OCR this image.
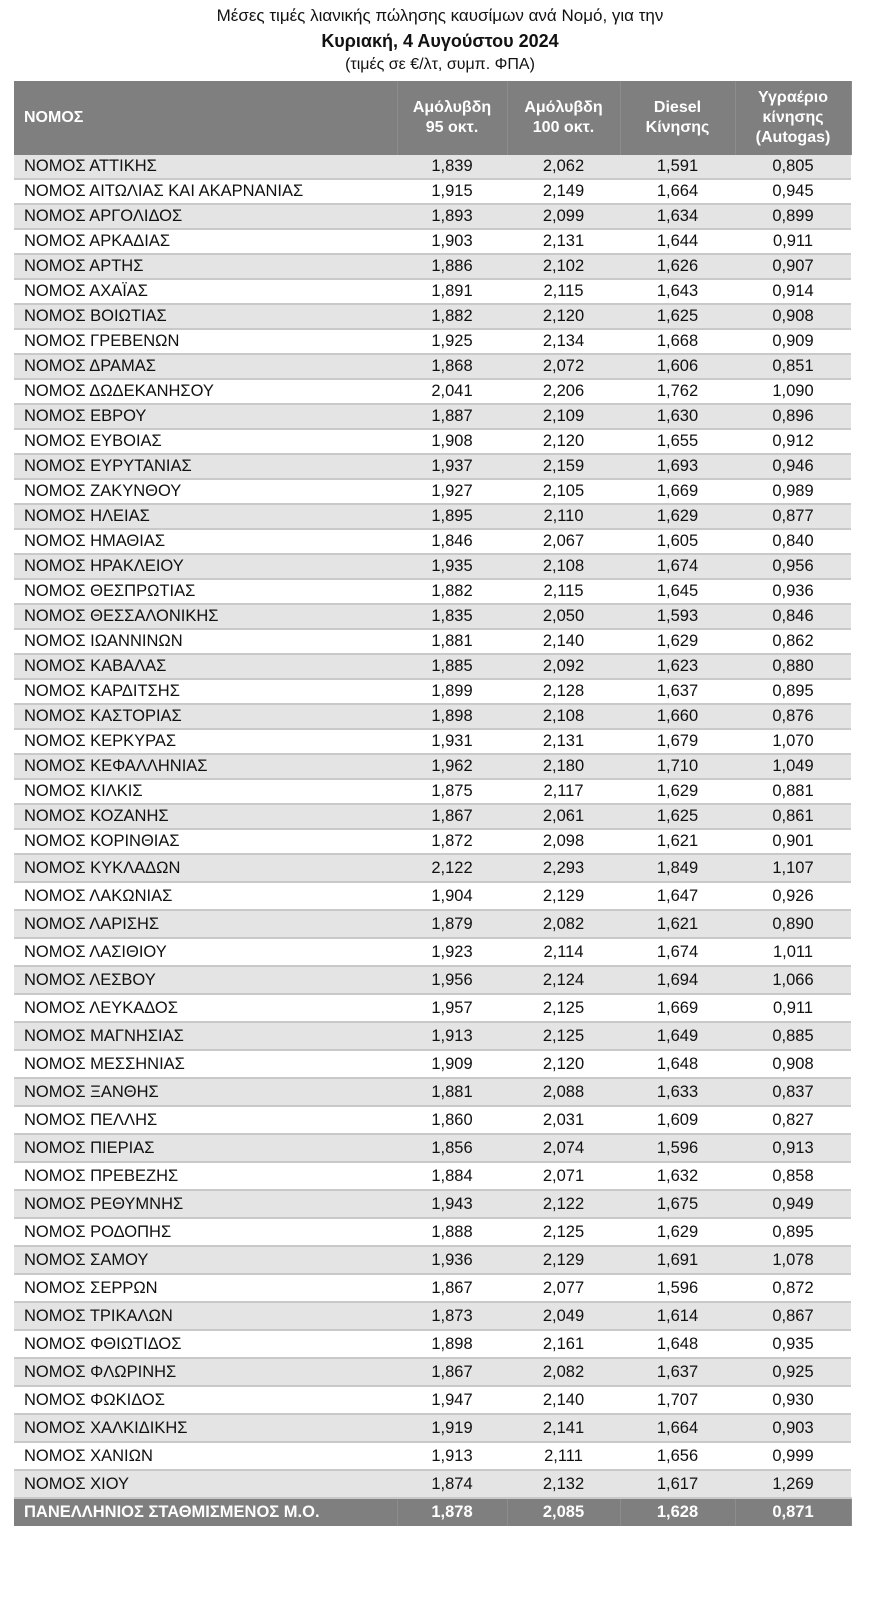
Μέσες τιμές λιανικής πώλησης καυσίμων ανά Νομό, για την
Κυριακή, 4 Αυγούστου 2024
(τιμές σε €/λτ, συμπ. ΦΠΑ)
ΝΟΜΟΣ	
Αμόλυβδη
95 οκτ.

Αμόλυβδη
100 οκτ.

Diesel
Κίνησης

Υγραέριο
κίνησης
(Autogas)

ΝΟΜΟΣ ΑΤΤΙΚΗΣ	1,839	2,062	1,591	0,805
ΝΟΜΟΣ ΑΙΤΩΛΙΑΣ ΚΑΙ ΑΚΑΡΝΑΝΙΑΣ	1,915	2,149	1,664	0,945
ΝΟΜΟΣ ΑΡΓΟΛΙΔΟΣ	1,893	2,099	1,634	0,899
ΝΟΜΟΣ ΑΡΚΑΔΙΑΣ	1,903	2,131	1,644	0,911
ΝΟΜΟΣ ΑΡΤΗΣ	1,886	2,102	1,626	0,907
ΝΟΜΟΣ ΑΧΑΪΑΣ	1,891	2,115	1,643	0,914
ΝΟΜΟΣ ΒΟΙΩΤΙΑΣ	1,882	2,120	1,625	0,908
ΝΟΜΟΣ ΓΡΕΒΕΝΩΝ	1,925	2,134	1,668	0,909
ΝΟΜΟΣ ΔΡΑΜΑΣ	1,868	2,072	1,606	0,851
ΝΟΜΟΣ ΔΩΔΕΚΑΝΗΣΟΥ	2,041	2,206	1,762	1,090
ΝΟΜΟΣ ΕΒΡΟΥ	1,887	2,109	1,630	0,896
ΝΟΜΟΣ ΕΥΒΟΙΑΣ	1,908	2,120	1,655	0,912
ΝΟΜΟΣ ΕΥΡΥΤΑΝΙΑΣ	1,937	2,159	1,693	0,946
ΝΟΜΟΣ ΖΑΚΥΝΘΟΥ	1,927	2,105	1,669	0,989
ΝΟΜΟΣ ΗΛΕΙΑΣ	1,895	2,110	1,629	0,877
ΝΟΜΟΣ ΗΜΑΘΙΑΣ	1,846	2,067	1,605	0,840
ΝΟΜΟΣ ΗΡΑΚΛΕΙΟΥ	1,935	2,108	1,674	0,956
ΝΟΜΟΣ ΘΕΣΠΡΩΤΙΑΣ	1,882	2,115	1,645	0,936
ΝΟΜΟΣ ΘΕΣΣΑΛΟΝΙΚΗΣ	1,835	2,050	1,593	0,846
ΝΟΜΟΣ ΙΩΑΝΝΙΝΩΝ	1,881	2,140	1,629	0,862
ΝΟΜΟΣ ΚΑΒΑΛΑΣ	1,885	2,092	1,623	0,880
ΝΟΜΟΣ ΚΑΡΔΙΤΣΗΣ	1,899	2,128	1,637	0,895
ΝΟΜΟΣ ΚΑΣΤΟΡΙΑΣ	1,898	2,108	1,660	0,876
ΝΟΜΟΣ ΚΕΡΚΥΡΑΣ	1,931	2,131	1,679	1,070
ΝΟΜΟΣ ΚΕΦΑΛΛΗΝΙΑΣ	1,962	2,180	1,710	1,049
ΝΟΜΟΣ ΚΙΛΚΙΣ	1,875	2,117	1,629	0,881
ΝΟΜΟΣ ΚΟΖΑΝΗΣ	1,867	2,061	1,625	0,861
ΝΟΜΟΣ ΚΟΡΙΝΘΙΑΣ	1,872	2,098	1,621	0,901
ΝΟΜΟΣ ΚΥΚΛΑΔΩΝ	2,122	2,293	1,849	1,107
ΝΟΜΟΣ ΛΑΚΩΝΙΑΣ	1,904	2,129	1,647	0,926
ΝΟΜΟΣ ΛΑΡΙΣΗΣ	1,879	2,082	1,621	0,890
ΝΟΜΟΣ ΛΑΣΙΘΙΟΥ	1,923	2,114	1,674	1,011
ΝΟΜΟΣ ΛΕΣΒΟΥ	1,956	2,124	1,694	1,066
ΝΟΜΟΣ ΛΕΥΚΑΔΟΣ	1,957	2,125	1,669	0,911
ΝΟΜΟΣ ΜΑΓΝΗΣΙΑΣ	1,913	2,125	1,649	0,885
ΝΟΜΟΣ ΜΕΣΣΗΝΙΑΣ	1,909	2,120	1,648	0,908
ΝΟΜΟΣ ΞΑΝΘΗΣ	1,881	2,088	1,633	0,837
ΝΟΜΟΣ ΠΕΛΛΗΣ	1,860	2,031	1,609	0,827
ΝΟΜΟΣ ΠΙΕΡΙΑΣ	1,856	2,074	1,596	0,913
ΝΟΜΟΣ ΠΡΕΒΕΖΗΣ	1,884	2,071	1,632	0,858
ΝΟΜΟΣ ΡΕΘΥΜΝΗΣ	1,943	2,122	1,675	0,949
ΝΟΜΟΣ ΡΟΔΟΠΗΣ	1,888	2,125	1,629	0,895
ΝΟΜΟΣ ΣΑΜΟΥ	1,936	2,129	1,691	1,078
ΝΟΜΟΣ ΣΕΡΡΩΝ	1,867	2,077	1,596	0,872
ΝΟΜΟΣ ΤΡΙΚΑΛΩΝ	1,873	2,049	1,614	0,867
ΝΟΜΟΣ ΦΘΙΩΤΙΔΟΣ	1,898	2,161	1,648	0,935
ΝΟΜΟΣ ΦΛΩΡΙΝΗΣ	1,867	2,082	1,637	0,925
ΝΟΜΟΣ ΦΩΚΙΔΟΣ	1,947	2,140	1,707	0,930
ΝΟΜΟΣ ΧΑΛΚΙΔΙΚΗΣ	1,919	2,141	1,664	0,903
ΝΟΜΟΣ ΧΑΝΙΩΝ	1,913	2,111	1,656	0,999
ΝΟΜΟΣ ΧΙΟΥ	1,874	2,132	1,617	1,269
ΠΑΝΕΛΛΗΝΙΟΣ ΣΤΑΘΜΙΣΜΕΝΟΣ Μ.Ο.	1,878	2,085	1,628	0,871
